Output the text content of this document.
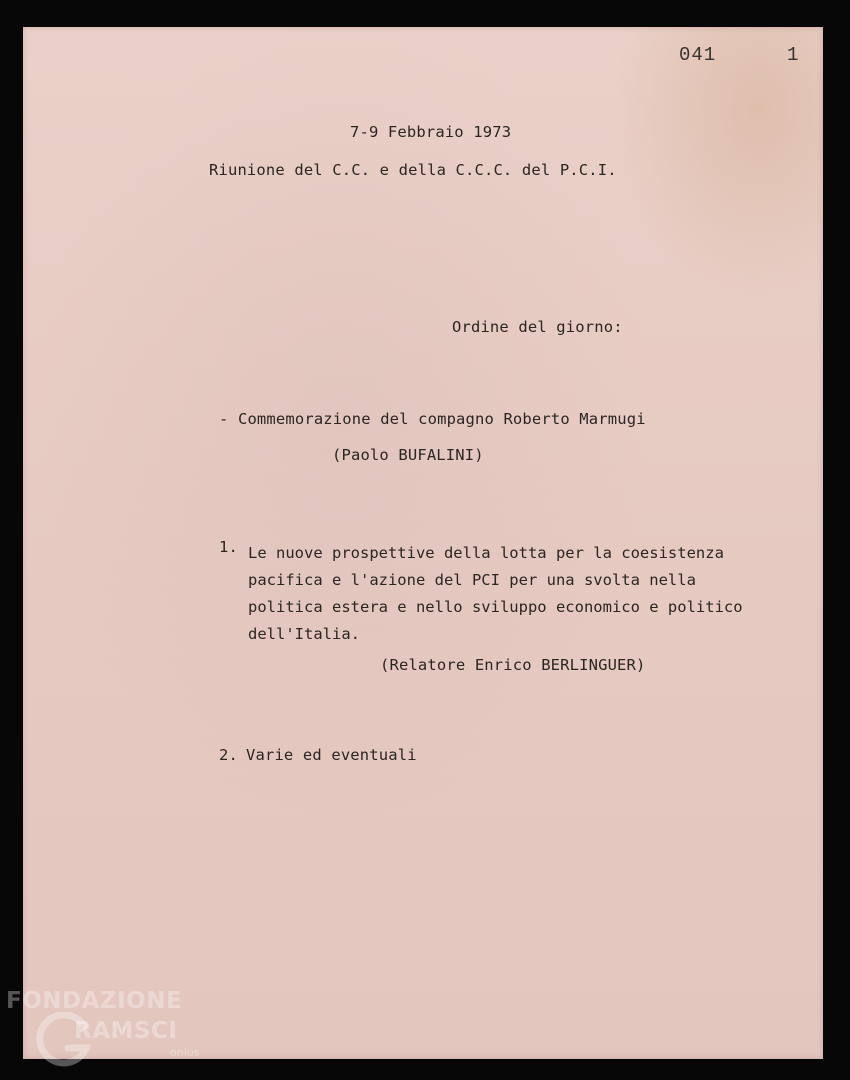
041	1
7-9 Febbraio 1973
Riunione del C.C. e della C.C.C. del P.C.I.
Ordine del giorno:
- Commemorazione del compagno Roberto Marmugi
(Paolo BUFALINI)
1. Le nuove prospettive della lotta per la coesistenza
pacifica e l'azione del PCI per una svolta nella
politica estera e nello sviluppo economico e politico
dell'Italia.
(Relatore Enrico BERLINGUER)
2. Varie ed eventuali
FONDAZIONE
RAMSCI
onlus
